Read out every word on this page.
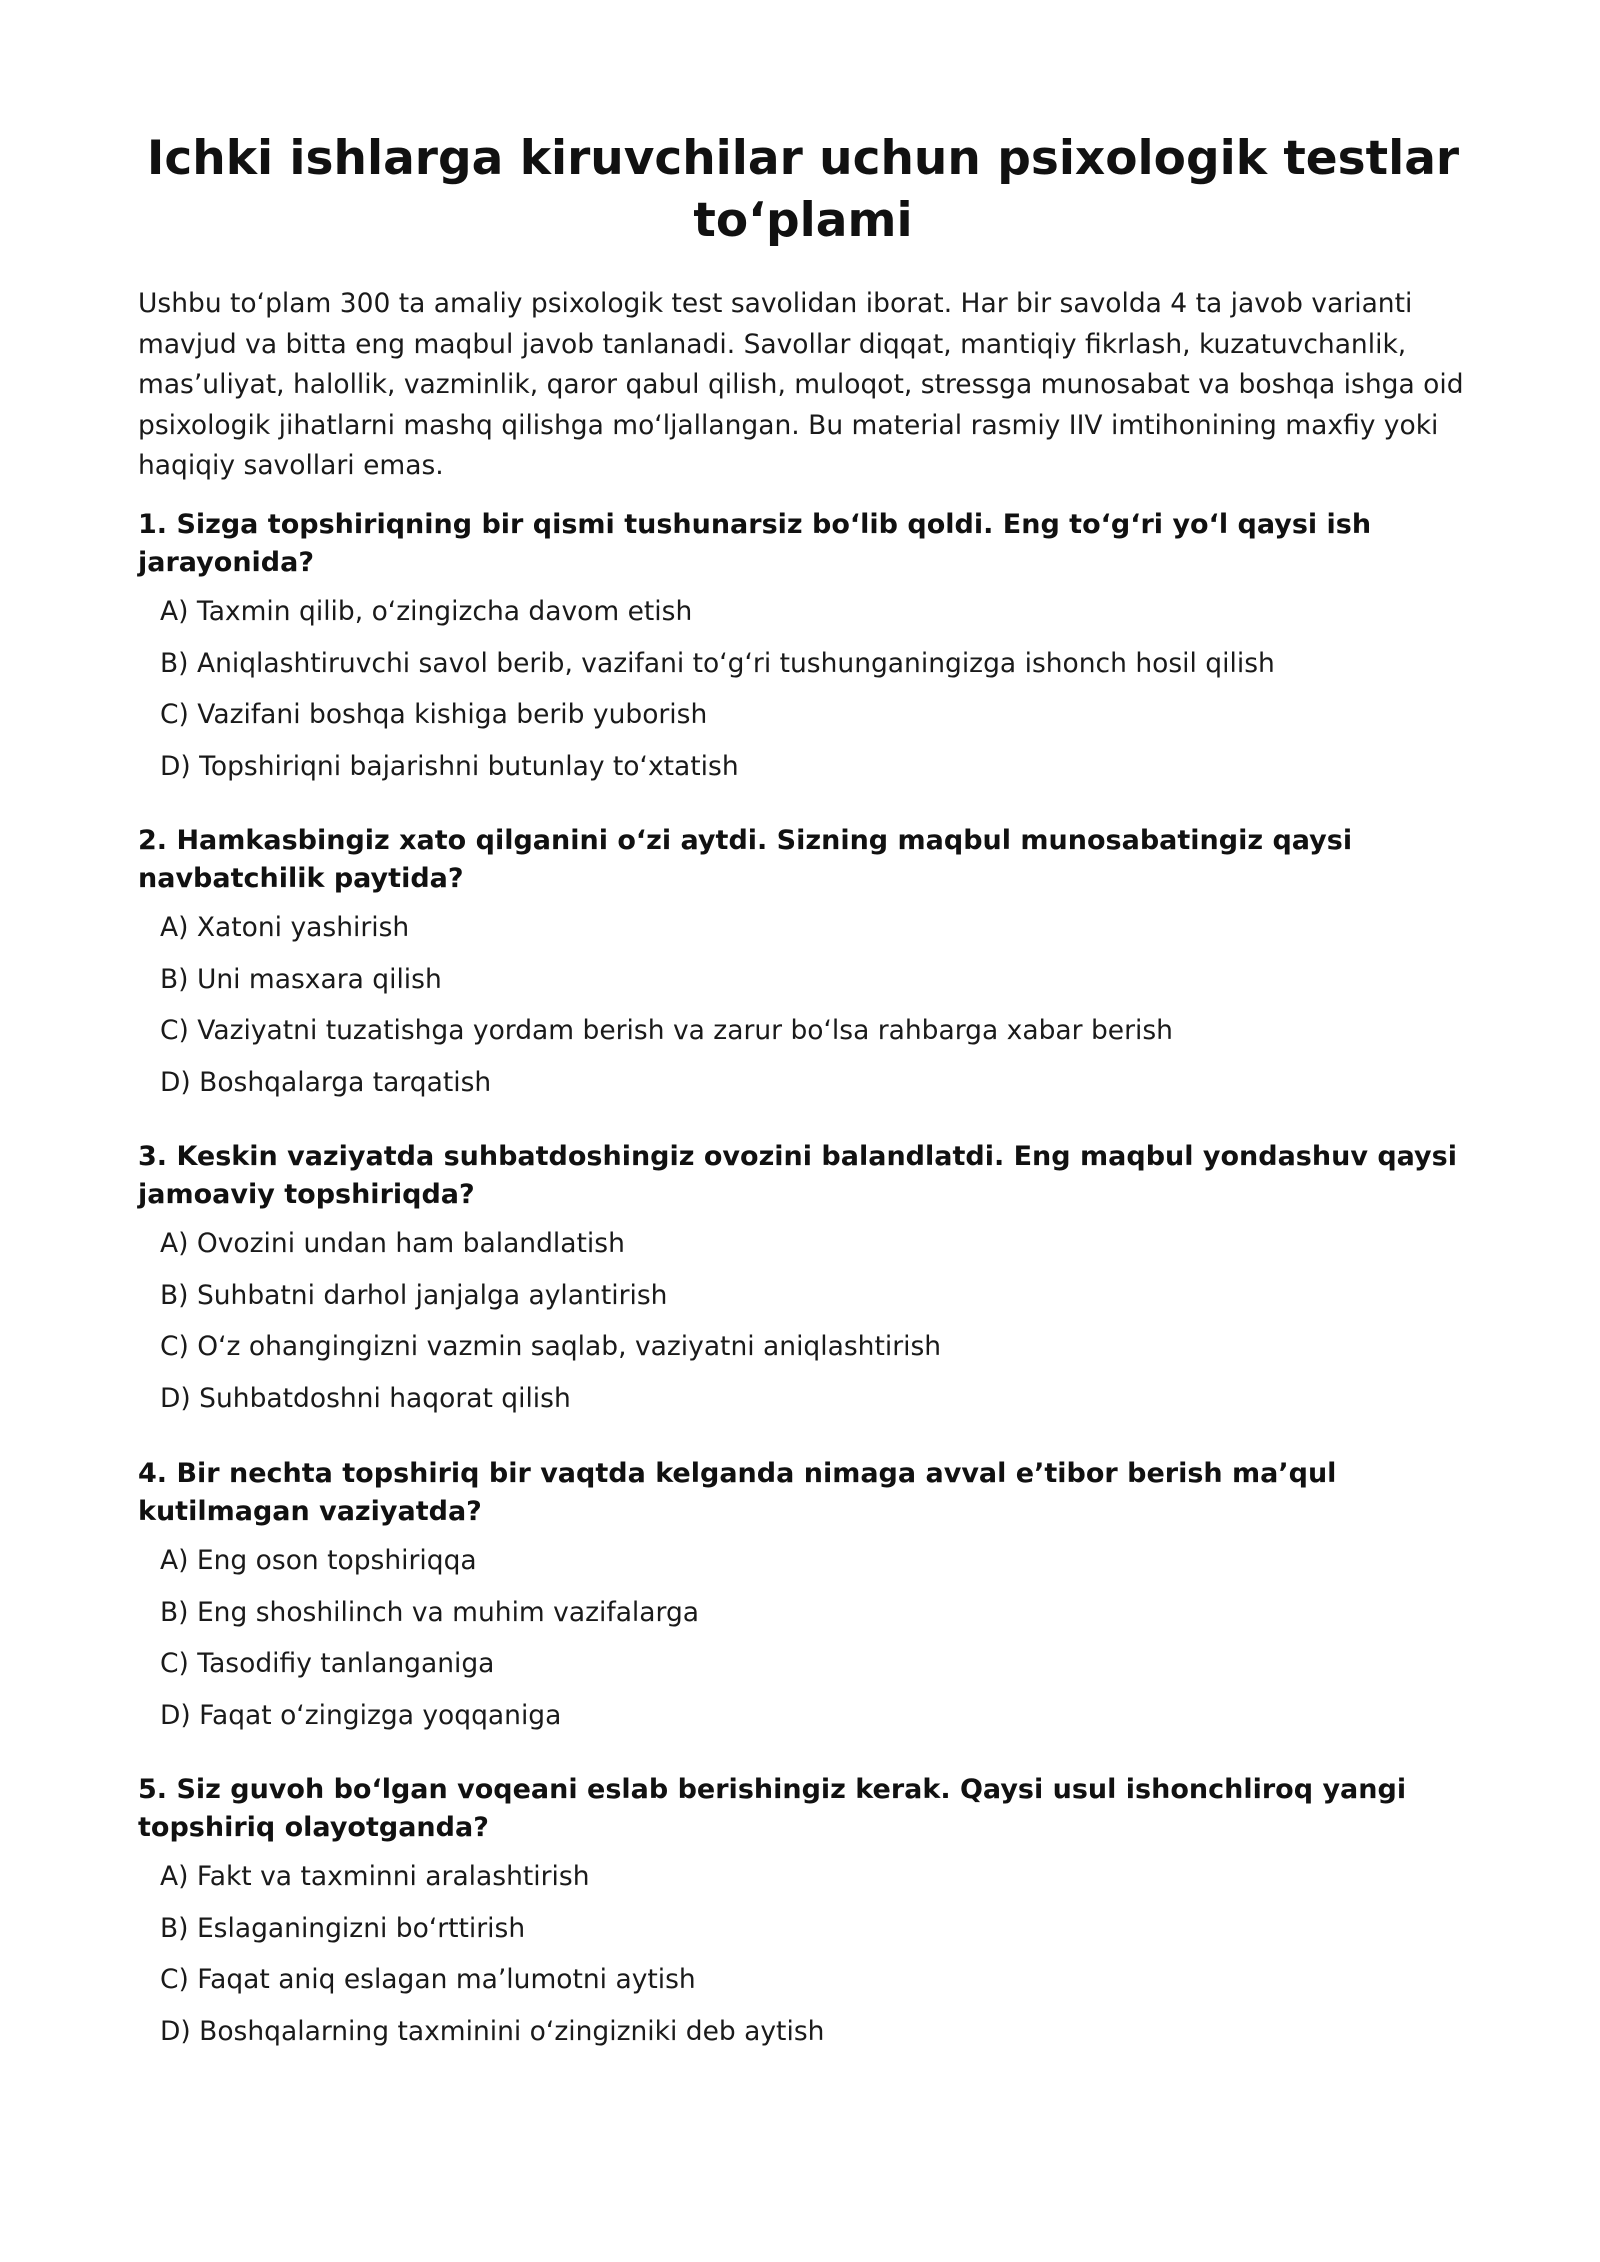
Ichki ishlarga kiruvchilar uchun psixologik testlar to‘plami

Ushbu to‘plam 300 ta amaliy psixologik test savolidan iborat. Har bir savolda 4 ta javob varianti mavjud va bitta eng maqbul javob tanlanadi. Savollar diqqat, mantiqiy fikrlash, kuzatuvchanlik, mas’uliyat, halollik, vazminlik, qaror qabul qilish, muloqot, stressga munosabat va boshqa ishga oid psixologik jihatlarni mashq qilishga mo‘ljallangan. Bu material rasmiy IIV imtihonining maxfiy yoki haqiqiy savollari emas.

1. Sizga topshiriqning bir qismi tushunarsiz bo‘lib qoldi. Eng to‘g‘ri yo‘l qaysi ish jarayonida?

A) Taxmin qilib, o‘zingizcha davom etish
B) Aniqlashtiruvchi savol berib, vazifani to‘g‘ri tushunganingizga ishonch hosil qilish
C) Vazifani boshqa kishiga berib yuborish
D) Topshiriqni bajarishni butunlay to‘xtatish

2. Hamkasbingiz xato qilganini o‘zi aytdi. Sizning maqbul munosabatingiz qaysi navbatchilik paytida?

A) Xatoni yashirish
B) Uni masxara qilish
C) Vaziyatni tuzatishga yordam berish va zarur bo‘lsa rahbarga xabar berish
D) Boshqalarga tarqatish

3. Keskin vaziyatda suhbatdoshingiz ovozini balandlatdi. Eng maqbul yondashuv qaysi jamoaviy topshiriqda?

A) Ovozini undan ham balandlatish
B) Suhbatni darhol janjalga aylantirish
C) O‘z ohangingizni vazmin saqlab, vaziyatni aniqlashtirish
D) Suhbatdoshni haqorat qilish

4. Bir nechta topshiriq bir vaqtda kelganda nimaga avval e’tibor berish ma’qul kutilmagan vaziyatda?

A) Eng oson topshiriqqa
B) Eng shoshilinch va muhim vazifalarga
C) Tasodifiy tanlanganiga
D) Faqat o‘zingizga yoqqaniga

5. Siz guvoh bo‘lgan voqeani eslab berishingiz kerak. Qaysi usul ishonchliroq yangi topshiriq olayotganda?

A) Fakt va taxminni aralashtirish
B) Eslaganingizni bo‘rttirish
C) Faqat aniq eslagan ma’lumotni aytish
D) Boshqalarning taxminini o‘zingizniki deb aytish
